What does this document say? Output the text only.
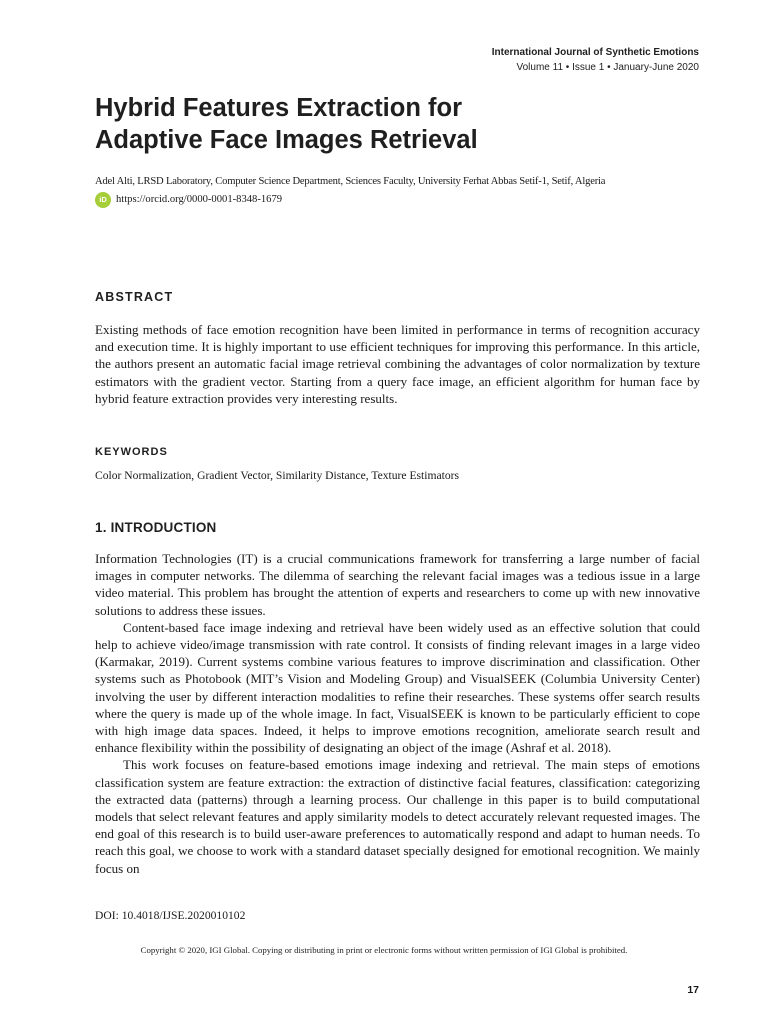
International Journal of Synthetic Emotions
Volume 11 • Issue 1 • January-June 2020
Hybrid Features Extraction for
Adaptive Face Images Retrieval
Adel Alti, LRSD Laboratory, Computer Science Department, Sciences Faculty, University Ferhat Abbas Setif-1, Setif, Algeria
iD https://orcid.org/0000-0001-8348-1679
ABSTRACT

Existing methods of face emotion recognition have been limited in performance in terms of recognition accuracy and execution time. It is highly important to use efficient techniques for improving this performance. In this article, the authors present an automatic facial image retrieval combining the advantages of color normalization by texture estimators with the gradient vector. Starting from a query face image, an efficient algorithm for human face by hybrid feature extraction provides very interesting results.

KEYWORDS
Color Normalization, Gradient Vector, Similarity Distance, Texture Estimators
1. INTRODUCTION

Information Technologies (IT) is a crucial communications framework for transferring a large number of facial images in computer networks. The dilemma of searching the relevant facial images was a tedious issue in a large video material. This problem has brought the attention of experts and researchers to come up with new innovative solutions to address these issues.

Content-based face image indexing and retrieval have been widely used as an effective solution that could help to achieve video/image transmission with rate control. It consists of finding relevant images in a large video (Karmakar, 2019). Current systems combine various features to improve discrimination and classification. Other systems such as Photobook (MIT’s Vision and Modeling Group) and VisualSEEK (Columbia University Center) involving the user by different interaction modalities to refine their researches. These systems offer search results where the query is made up of the whole image. In fact, VisualSEEK is known to be particularly efficient to cope with high image data spaces. Indeed, it helps to improve emotions recognition, ameliorate search result and enhance flexibility within the possibility of designating an object of the image (Ashraf et al. 2018).

This work focuses on feature-based emotions image indexing and retrieval. The main steps of emotions classification system are feature extraction: the extraction of distinctive facial features, classification: categorizing the extracted data (patterns) through a learning process. Our challenge in this paper is to build computational models that select relevant features and apply similarity models to detect accurately relevant requested images. The end goal of this research is to build user-aware preferences to automatically respond and adapt to human needs. To reach this goal, we choose to work with a standard dataset specially designed for emotional recognition. We mainly focus on

DOI: 10.4018/IJSE.2020010102
Copyright © 2020, IGI Global. Copying or distributing in print or electronic forms without written permission of IGI Global is prohibited.
17
